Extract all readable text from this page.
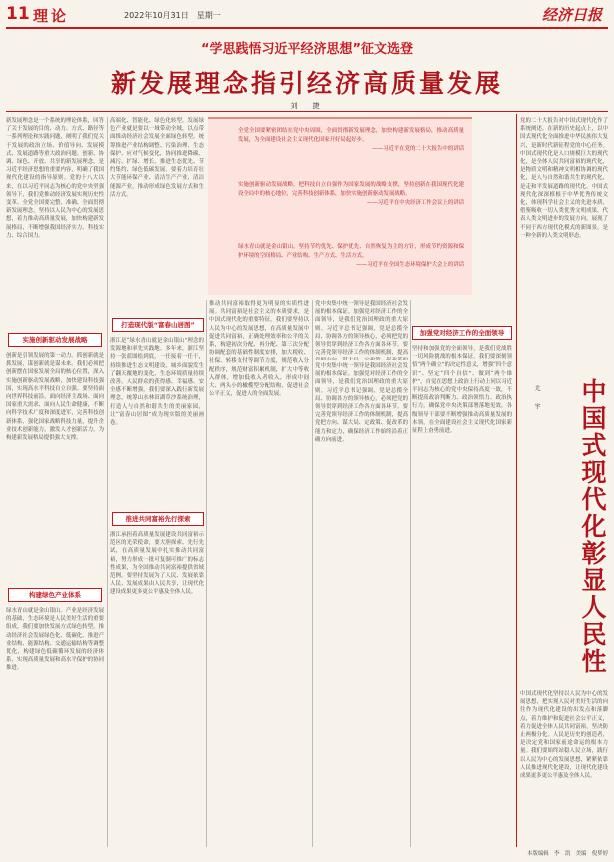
11 理论	2022年10月31日　星期一	经济日报
“学思践悟习近平经济思想”征文选登
新发展理念指引经济高质量发展
刘　捷
新发展理念是一个系统的理论体系，回答了关于发展的目的、动力、方式、路径等一系列理论和实践问题，阐明了我们党关于发展的政治立场、价值导向、发展模式、发展道路等重大政治问题。创新、协调、绿色、开放、共享的新发展理念，是习近平经济思想的重要内容，明确了我国现代化建设的指导原则。党的十八大以来，在以习近平同志为核心的党中央坚强领导下，我们党推动经济发展实现历史性变革。全党全国要完整、准确、全面贯彻新发展理念，坚持以人民为中心的发展思想，着力推动高质量发展，加快构建新发展格局，不断增强我国经济实力、科技实力、综合国力。
实施创新驱动发展战略
创新是引领发展的第一动力。抓创新就是抓发展，谋创新就是谋未来。我们必须把创新摆在国家发展全局的核心位置，深入实施创新驱动发展战略，加快建设科技强国，实现高水平科技自立自强。要坚持面向世界科技前沿、面向经济主战场、面向国家重大需求、面向人民生命健康，不断向科学技术广度和深度进军，完善科技创新体系，强化国家战略科技力量，提升企业技术创新能力，激发人才创新活力，为构建新发展格局提供强大支撑。
构建绿色产业体系
绿水青山就是金山银山。产业是经济发展的基础，生态环境是人民美好生活的重要组成。我们要加快发展方式绿色转型，推动经济社会发展绿色化、低碳化，推进产业结构、能源结构、交通运输结构等调整优化，构建绿色低碳循环发展的经济体系，实现高质量发展和高水平保护的协同推进。
高端化、智能化、绿色化转型。发展绿色产业就是要以一域带动全域，以点带面推动经济社会发展全面绿色转型。统筹推进产业结构调整、污染治理、生态保护、应对气候变化，协同推进降碳、减污、扩绿、增长，推进生态优先、节约集约、绿色低碳发展。要着力培育壮大节能环保产业、清洁生产产业、清洁能源产业，推动形成绿色发展方式和生活方式。
全党全国要紧密团结在党中央周围，全面贯彻新发展理念，加快构建新发展格局，推动高质量发展，为全面建设社会主义现代化国家开好局起好步。
——习近平在党的二十大报告中的讲话
实施创新驱动发展战略，把科技自立自强作为国家发展的战略支撑，坚持创新在我国现代化建设全局中的核心地位，完善科技创新体系，加快实施创新驱动发展战略。
——习近平在中央经济工作会议上的讲话
绿水青山就是金山银山。坚持节约优先、保护优先、自然恢复为主的方针，形成节约资源和保护环境的空间格局、产业结构、生产方式、生活方式。
——习近平在全国生态环境保护大会上的讲话
打造现代版“富春山居图”
浙江是“绿水青山就是金山银山”理念的发源地和率先实践地。多年来，浙江坚持一张蓝图绘到底，一任接着一任干，持续推进生态文明建设，城乡面貌发生了翻天覆地的变化，生态环境质量持续改善，人民群众的获得感、幸福感、安全感不断增强。我们要深入践行新发展理念，统筹山水林田湖草沙系统治理，打造人与自然和谐共生的美丽家园，让“富春山居图”成为现实版的美丽画卷。
推进共同富裕先行探索
浙江承担着高质量发展建设共同富裕示范区的光荣使命，要大胆探索、先行先试，在高质量发展中扎实推动共同富裕，努力形成一批可复制可推广的标志性成果，为全国推动共同富裕提供省域范例。要坚持发展为了人民、发展依靠人民、发展成果由人民共享，让现代化建设成果更多更公平惠及全体人民。
推动共同富裕取得更为明显的实质性进展。共同富裕是社会主义的本质要求，是中国式现代化的重要特征。我们要坚持以人民为中心的发展思想，在高质量发展中促进共同富裕，正确处理效率和公平的关系，构建初次分配、再分配、第三次分配协调配套的基础性制度安排，加大税收、社保、转移支付等调节力度，规范收入分配秩序，规范财富积累机制，扩大中等收入群体，增加低收入者收入，形成中间大、两头小的橄榄型分配结构，促进社会公平正义，促进人的全面发展。
党中央集中统一领导是我国经济社会发展的根本保证。加强党对经济工作的全面领导，是我们党治国理政的重大原则。习近平总书记强调，党是总揽全局、协调各方的领导核心，必须把党的领导贯穿到经济工作各方面各环节。要完善党领导经济工作的体制机制，提高
加强党对经济工作的全面领导
坚持和加强党的全面领导，是我们党战胜一切风险挑战的根本保证。我们要深刻领悟“两个确立”的决定性意义，增强“四个意识”、坚定“四个自信”、做到“两个维护”，自觉在思想上政治上行动上同以习近平同志为核心的党中央保持高度一致，不断提高政治判断力、政治领悟力、政治执行力，确保党中央决策部署落地见效。各级领导干部要不断增强推动高质量发展的本领，在全面建设社会主义现代化国家新征程上奋勇前进。
党中央集中统一领导是我国经济社会发展的根本保证。加强党对经济工作的全面领导，是我们党治国理政的重大原则。习近平总书记强调，党是总揽全局、协调各方的领导核心，必须把党的领导贯穿到经济工作各方面各环节。要完善党领导经济工作的体制机制，提高党把方向、谋大局、定政策、促改革的能力和定力，确保经济工作始终沿着正确方向前进。
党的二十大报告对中国式现代化作了系统阐述。在新的历史起点上，以中国式现代化全面推进中华民族伟大复兴，是新时代新征程党的中心任务。中国式现代化是人口规模巨大的现代化，是全体人民共同富裕的现代化，是物质文明和精神文明相协调的现代化，是人与自然和谐共生的现代化，是走和平发展道路的现代化。中国式现代化深深植根于中华优秀传统文化，体现科学社会主义的先进本质，借鉴吸收一切人类优秀文明成果，代表人类文明进步的发展方向，展现了不同于西方现代化模式的新图景，是一种全新的人类文明形态。
中国式现代化彰显人民性
尤　宇
中国式现代化坚持以人民为中心的发展思想，把实现人民对美好生活的向往作为现代化建设的出发点和落脚点，着力维护和促进社会公平正义，着力促进全体人民共同富裕，坚决防止两极分化。人民是历史的创造者，是决定党和国家前途命运的根本力量。我们要始终站稳人民立场，践行以人民为中心的发展思想，紧紧依靠人民推进现代化建设，让现代化建设成果更多更公平惠及全体人民。
本版编辑　李　凯　美编　倪梦婷
